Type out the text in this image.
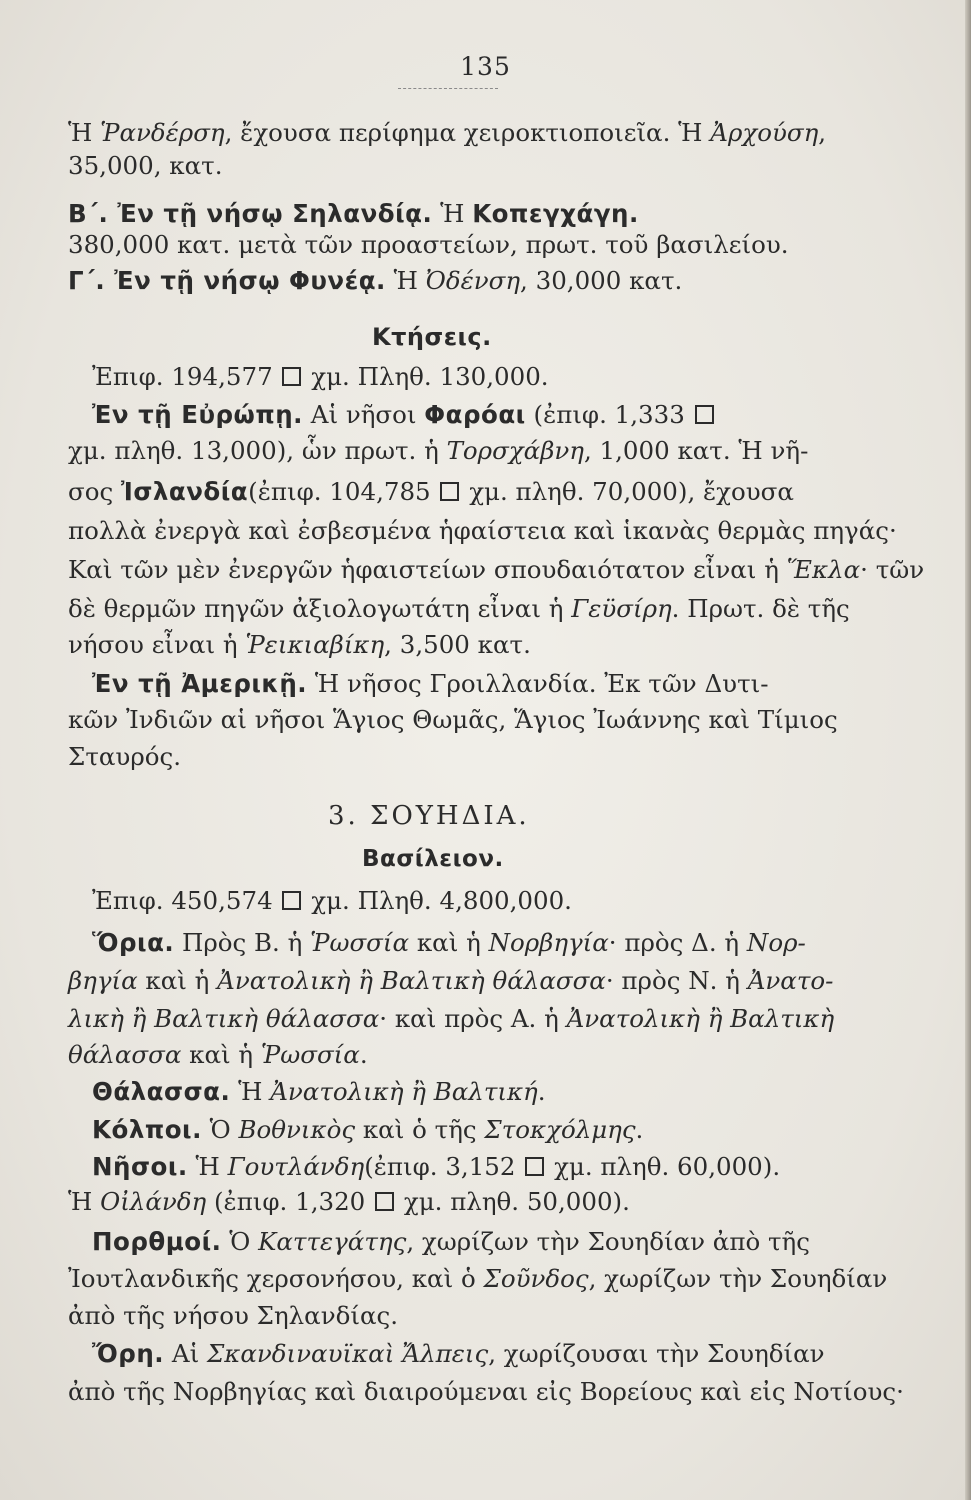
135
Κτήσεις.
3. ΣΟΥΗΔΙΑ.
Βασίλειον.
Ἡ Ῥανδέρση, ἔχουσα περίφημα χειροκτιοποιεῖα. Ἡ Ἀρχούση,
35,000, κατ.
Β΄. Ἐν τῇ νήσῳ Σηλανδίᾳ. Ἡ Κοπεγχάγη.
380,000 κατ. μετὰ τῶν προαστείων, πρωτ. τοῦ βασιλείου.
Γ΄. Ἐν τῇ νήσῳ Φυνέᾳ. Ἡ Ὀδένση, 30,000 κατ.
Ἐπιφ. 194,577  χμ. Πληθ. 130,000.
Ἐν τῇ Εὐρώπῃ. Αἱ νῆσοι Φαρόαι (ἐπιφ. 1,333
χμ. πληθ. 13,000), ὧν πρωτ. ἡ Τορσχάβνη, 1,000 κατ. Ἡ νῆ-
σος Ἰσλανδία(ἐπιφ. 104,785  χμ. πληθ. 70,000), ἔχουσα
πολλὰ ἐνεργὰ καὶ ἐσβεσμένα ἡφαίστεια καὶ ἱκανὰς θερμὰς πηγάς·
Καὶ τῶν μὲν ἐνεργῶν ἡφαιστείων σπουδαιότατον εἶναι ἡ Ἕκλα· τῶν
δὲ θερμῶν πηγῶν ἀξιολογωτάτη εἶναι ἡ Γεϋσίρη. Πρωτ. δὲ τῆς
νήσου εἶναι ἡ Ῥεικιαβίκη, 3,500 κατ.
Ἐν τῇ Ἀμερικῇ. Ἡ νῆσος Γροιλλανδία. Ἐκ τῶν Δυτι-
κῶν Ἰνδιῶν αἱ νῆσοι Ἅγιος Θωμᾶς, Ἅγιος Ἰωάννης καὶ Τίμιος
Σταυρός.
Ἐπιφ. 450,574  χμ. Πληθ. 4,800,000.
Ὅρια. Πρὸς Β. ἡ Ῥωσσία καὶ ἡ Νορβηγία· πρὸς Δ. ἡ Νορ-
βηγία καὶ ἡ Ἀνατολικὴ ἢ Βαλτικὴ θάλασσα· πρὸς Ν. ἡ Ἀνατο-
λικὴ ἢ Βαλτικὴ θάλασσα· καὶ πρὸς Α. ἡ Ἀνατολικὴ ἢ Βαλτικὴ
θάλασσα καὶ ἡ Ῥωσσία.
Θάλασσα. Ἡ Ἀνατολικὴ ἢ Βαλτική.
Κόλποι. Ὁ Βοθνικὸς καὶ ὁ τῆς Στοκχόλμης.
Νῆσοι. Ἡ Γουτλάνδη(ἐπιφ. 3,152  χμ. πληθ. 60,000).
Ἡ Οἰλάνδη (ἐπιφ. 1,320  χμ. πληθ. 50,000).
Πορθμοί. Ὁ Καττεγάτης, χωρίζων τὴν Σουηδίαν ἀπὸ τῆς
Ἰουτλανδικῆς χερσονήσου, καὶ ὁ Σοῦνδος, χωρίζων τὴν Σουηδίαν
ἀπὸ τῆς νήσου Σηλανδίας.
Ὄρη. Αἱ Σκανδιναυϊκαὶ Ἄλπεις, χωρίζουσαι τὴν Σουηδίαν
ἀπὸ τῆς Νορβηγίας καὶ διαιρούμεναι εἰς Βορείους καὶ εἰς Νοτίους·
